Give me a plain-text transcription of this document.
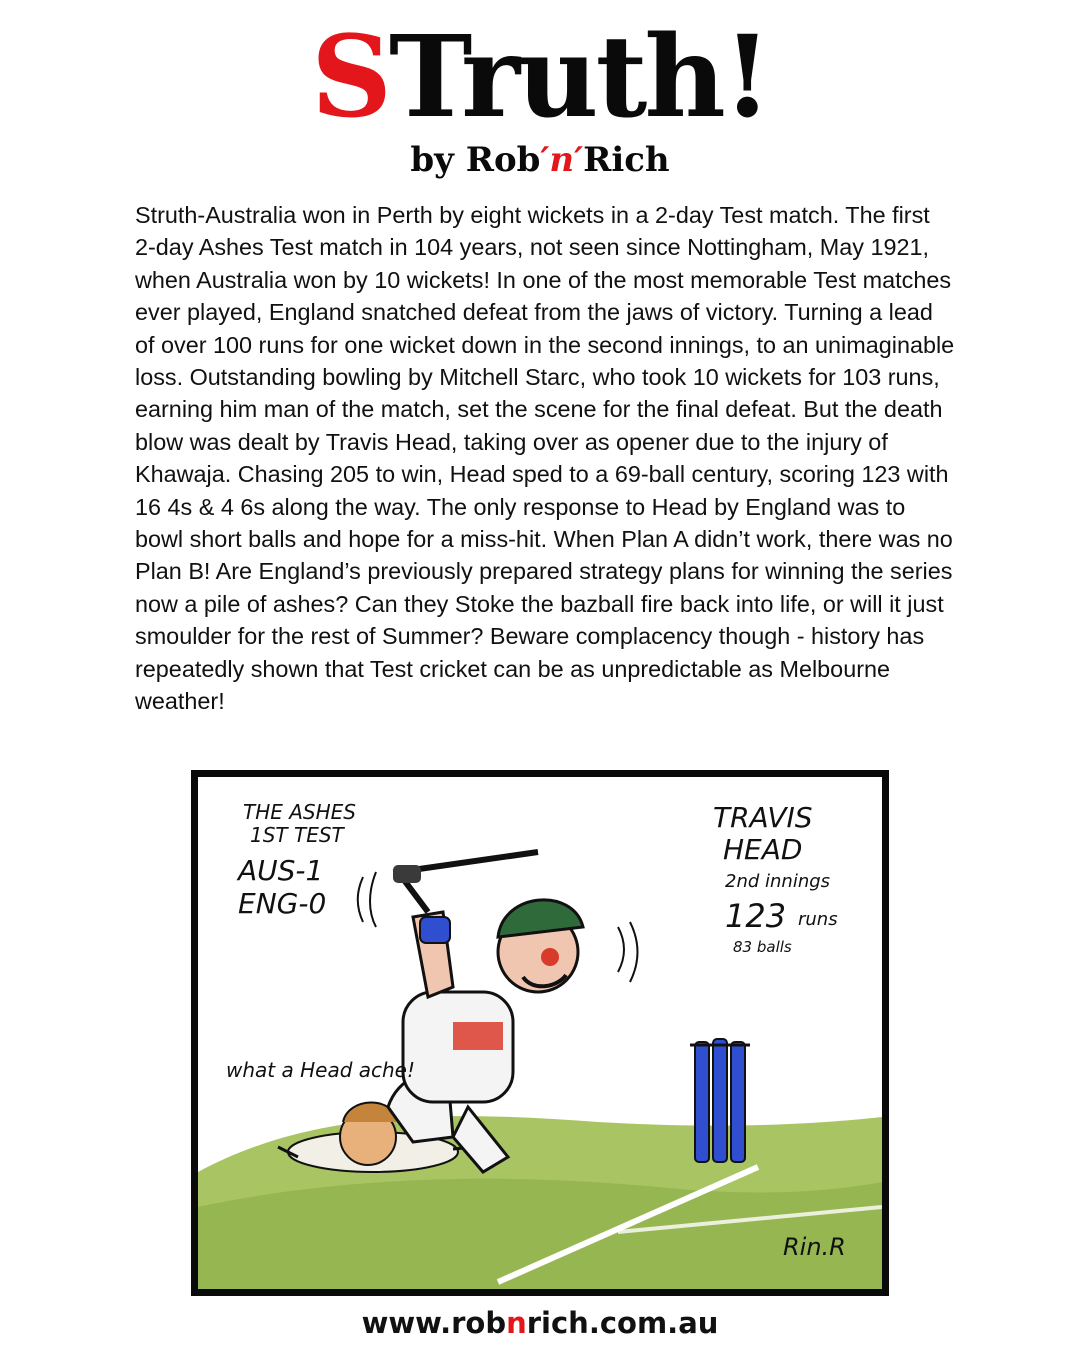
STruth!
by Rob′n′Rich

Struth-Australia won in Perth by eight wickets in a 2-day Test match. The first 2-day Ashes Test match in 104 years, not seen since Nottingham, May 1921, when Australia won by 10 wickets! In one of the most memorable Test matches ever played, England snatched defeat from the jaws of victory. Turning a lead of over 100 runs for one wicket down in the second innings, to an unimaginable loss. Outstanding bowling by Mitchell Starc, who took 10 wickets for 103 runs, earning him man of the match, set the scene for the final defeat. But the death blow was dealt by Travis Head, taking over as opener due to the injury of Khawaja. Chasing 205 to win, Head sped to a 69-ball century, scoring 123 with 16 4s & 4 6s along the way. The only response to Head by England was to bowl short balls and hope for a miss-hit. When Plan A didn’t work, there was no Plan B! Are England’s previously prepared strategy plans for winning the series now a pile of ashes? Can they Stoke the bazball fire back into life, or will it just smoulder for the rest of Summer? Beware complacency though - history has repeatedly shown that Test cricket can be as unpredictable as Melbourne weather!

THE ASHES
1ST TEST
AUS-1
ENG-0
TRAVIS
HEAD
2nd innings
123 runs
83 balls
what a Head ache!
Rin.R
www.robnrich.com.au
